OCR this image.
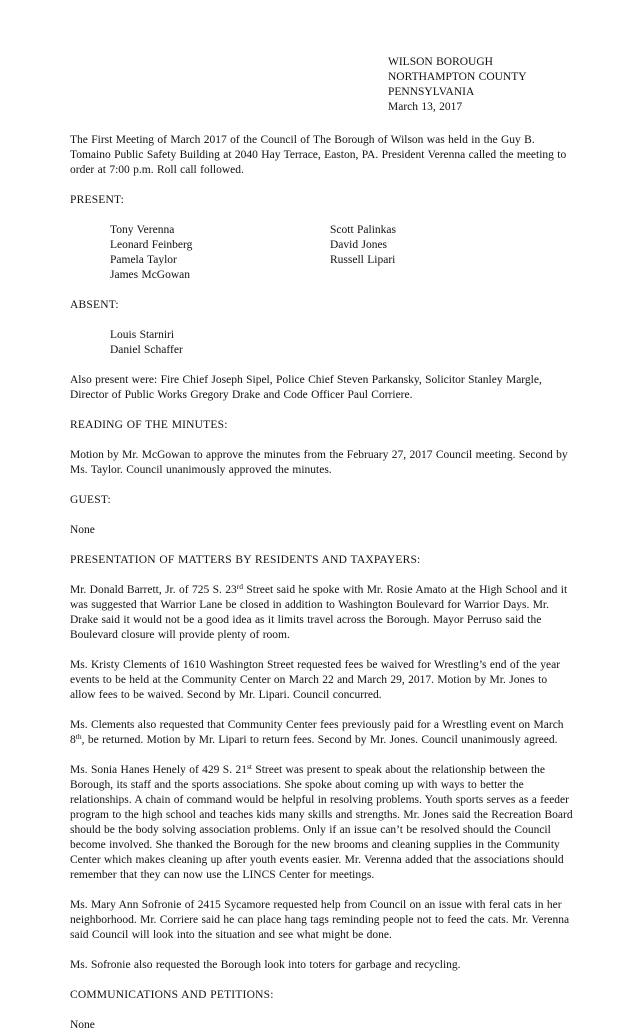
WILSON BOROUGH
NORTHAMPTON COUNTY
PENNSYLVANIA
March 13, 2017

The First Meeting of March 2017 of the Council of The Borough of Wilson was held in the Guy B. Tomaino Public Safety Building at 2040 Hay Terrace, Easton, PA. President Verenna called the meeting to order at 7:00 p.m. Roll call followed.

PRESENT:

Tony Verenna
Leonard Feinberg
Pamela Taylor
James McGowan
Scott Palinkas
David Jones
Russell Lipari

ABSENT:

Louis Starniri
Daniel Schaffer

Also present were: Fire Chief Joseph Sipel, Police Chief Steven Parkansky, Solicitor Stanley Margle, Director of Public Works Gregory Drake and Code Officer Paul Corriere.

READING OF THE MINUTES:

Motion by Mr. McGowan to approve the minutes from the February 27, 2017 Council meeting. Second by Ms. Taylor. Council unanimously approved the minutes.

GUEST:

None

PRESENTATION OF MATTERS BY RESIDENTS AND TAXPAYERS:

Mr. Donald Barrett, Jr. of 725 S. 23rd Street said he spoke with Mr. Rosie Amato at the High School and it was suggested that Warrior Lane be closed in addition to Washington Boulevard for Warrior Days. Mr. Drake said it would not be a good idea as it limits travel across the Borough. Mayor Perruso said the Boulevard closure will provide plenty of room.

Ms. Kristy Clements of 1610 Washington Street requested fees be waived for Wrestling’s end of the year events to be held at the Community Center on March 22 and March 29, 2017. Motion by Mr. Jones to allow fees to be waived. Second by Mr. Lipari. Council concurred.

Ms. Clements also requested that Community Center fees previously paid for a Wrestling event on March 8th, be returned. Motion by Mr. Lipari to return fees. Second by Mr. Jones. Council unanimously agreed.

Ms. Sonia Hanes Henely of 429 S. 21st Street was present to speak about the relationship between the Borough, its staff and the sports associations. She spoke about coming up with ways to better the relationships. A chain of command would be helpful in resolving problems. Youth sports serves as a feeder program to the high school and teaches kids many skills and strengths. Mr. Jones said the Recreation Board should be the body solving association problems. Only if an issue can’t be resolved should the Council become involved. She thanked the Borough for the new brooms and cleaning supplies in the Community Center which makes cleaning up after youth events easier. Mr. Verenna added that the associations should remember that they can now use the LINCS Center for meetings.

Ms. Mary Ann Sofronie of 2415 Sycamore requested help from Council on an issue with feral cats in her neighborhood. Mr. Corriere said he can place hang tags reminding people not to feed the cats. Mr. Verenna said Council will look into the situation and see what might be done.

Ms. Sofronie also requested the Borough look into toters for garbage and recycling.

COMMUNICATIONS AND PETITIONS:

None
